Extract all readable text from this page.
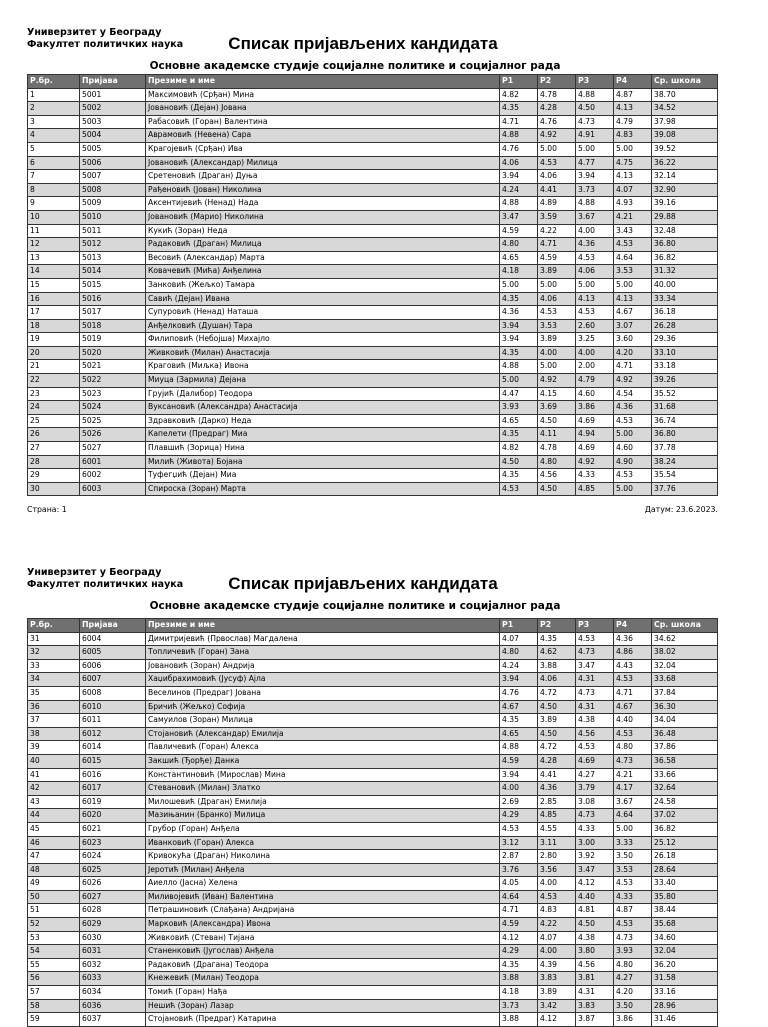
Универзитет у Београду
Факултет политичких наука	Списак пријављених кандидата
Основне академске студије социјалне политике и социјалног рада
Р.бр.	Пријава	Презиме и име	P1	P2	P3	P4	Ср. школа
1	5001	Максимовић (Срђан) Мина	4.82	4.78	4.88	4.87	38.70
2	5002	Јовановић (Дејан) Јована	4.35	4.28	4.50	4.13	34.52
3	5003	Рабасовић (Горан) Валентина	4.71	4.76	4.73	4.79	37.98
4	5004	Аврамовић (Невена) Сара	4.88	4.92	4.91	4.83	39.08
5	5005	Крагојевић (Срђан) Ива	4.76	5.00	5.00	5.00	39.52
6	5006	Јовановић (Александар) Милица	4.06	4.53	4.77	4.75	36.22
7	5007	Сретеновић (Драган) Дуња	3.94	4.06	3.94	4.13	32.14
8	5008	Рађеновић (Јован) Николина	4.24	4.41	3.73	4.07	32.90
9	5009	Аксентијевић (Ненад) Нада	4.88	4.89	4.88	4.93	39.16
10	5010	Јовановић (Марио) Николина	3.47	3.59	3.67	4.21	29.88
11	5011	Кукић (Зоран) Неда	4.59	4.22	4.00	3.43	32.48
12	5012	Радаковић (Драган) Милица	4.80	4.71	4.36	4.53	36.80
13	5013	Весовић (Александар) Марта	4.65	4.59	4.53	4.64	36.82
14	5014	Ковачевић (Мића) Анђелина	4.18	3.89	4.06	3.53	31.32
15	5015	Занковић (Жељко) Тамара	5.00	5.00	5.00	5.00	40.00
16	5016	Савић (Дејан) Ивана	4.35	4.06	4.13	4.13	33.34
17	5017	Супуровић (Ненад) Наташа	4.36	4.53	4.53	4.67	36.18
18	5018	Анђелковић (Душан) Тара	3.94	3.53	2.60	3.07	26.28
19	5019	Филиповић (Небојша) Михајло	3.94	3.89	3.25	3.60	29.36
20	5020	Живковић (Милан) Анастасија	4.35	4.00	4.00	4.20	33.10
21	5021	Краговић (Миљка) Ивона	4.88	5.00	2.00	4.71	33.18
22	5022	Миуца (Зармила) Дејана	5.00	4.92	4.79	4.92	39.26
23	5023	Грујић (Далибор) Теодора	4.47	4.15	4.60	4.54	35.52
24	5024	Вуксановић (Александра) Анастасија	3.93	3.69	3.86	4.36	31.68
25	5025	Здравковић (Дарко) Неда	4.65	4.50	4.69	4.53	36.74
26	5026	Капелети (Предраг) Миа	4.35	4.11	4.94	5.00	36.80
27	5027	Плавшић (Зорица) Нина	4.82	4.78	4.69	4.60	37.78
28	6001	Милић (Живота) Бојана	4.50	4.80	4.92	4.90	38.24
29	6002	Туфегџић (Дејан) Миа	4.35	4.56	4.33	4.53	35.54
30	6003	Спироска (Зоран) Марта	4.53	4.50	4.85	5.00	37.76
Страна: 1	Датум: 23.6.2023.
Универзитет у Београду
Факултет политичких наука	Списак пријављених кандидата
Основне академске студије социјалне политике и социјалног рада
Р.бр.	Пријава	Презиме и име	P1	P2	P3	P4	Ср. школа
31	6004	Димитријевић (Првослав) Магдалена	4.07	4.35	4.53	4.36	34.62
32	6005	Топличевић (Горан) Зана	4.80	4.62	4.73	4.86	38.02
33	6006	Јовановић (Зоран) Андрија	4.24	3.88	3.47	4.43	32.04
34	6007	Хаџибрахимовић (Јусуф) Ајла	3.94	4.06	4.31	4.53	33.68
35	6008	Веселинов (Предраг) Јована	4.76	4.72	4.73	4.71	37.84
36	6010	Бричић (Жељко) Софија	4.67	4.50	4.31	4.67	36.30
37	6011	Самуилов (Зоран) Милица	4.35	3.89	4.38	4.40	34.04
38	6012	Стојановић (Александар) Емилија	4.65	4.50	4.56	4.53	36.48
39	6014	Павличевић (Горан) Алекса	4.88	4.72	4.53	4.80	37.86
40	6015	Закшић (Ђорђе) Данка	4.59	4.28	4.69	4.73	36.58
41	6016	Константиновић (Мирослав) Мина	3.94	4.41	4.27	4.21	33.66
42	6017	Стевановић (Милан) Златко	4.00	4.36	3.79	4.17	32.64
43	6019	Милошевић (Драган) Емилија	2.69	2.85	3.08	3.67	24.58
44	6020	Мазињанин (Бранко) Милица	4.29	4.85	4.73	4.64	37.02
45	6021	Грубор (Горан) Анђела	4.53	4.55	4.33	5.00	36.82
46	6023	Иванковић (Горан) Алекса	3.12	3.11	3.00	3.33	25.12
47	6024	Кривокућа (Драган) Николина	2.87	2.80	3.92	3.50	26.18
48	6025	Јеротић (Милан) Анђела	3.76	3.56	3.47	3.53	28.64
49	6026	Аиелло (Јасна) Хелена	4.05	4.00	4.12	4.53	33.40
50	6027	Миливојевић (Иван) Валентина	4.64	4.53	4.40	4.33	35.80
51	6028	Петрашиновић (Слађана) Андријана	4.71	4.83	4.81	4.87	38.44
52	6029	Марковић (Александра) Ивона	4.59	4.22	4.50	4.53	35.68
53	6030	Живковић (Стеван) Тијана	4.12	4.07	4.38	4.73	34.60
54	6031	Станенковић (Југослав) Анђела	4.29	4.00	3.80	3.93	32.04
55	6032	Радаковић (Драгана) Теодора	4.35	4.39	4.56	4.80	36.20
56	6033	Кнежевић (Милан) Теодора	3.88	3.83	3.81	4.27	31.58
57	6034	Томић (Горан) Нађа	4.18	3.89	4.31	4.20	33.16
58	6036	Нешић (Зоран) Лазар	3.73	3.42	3.83	3.50	28.96
59	6037	Стојановић (Предраг) Катарина	3.88	4.12	3.87	3.86	31.46
